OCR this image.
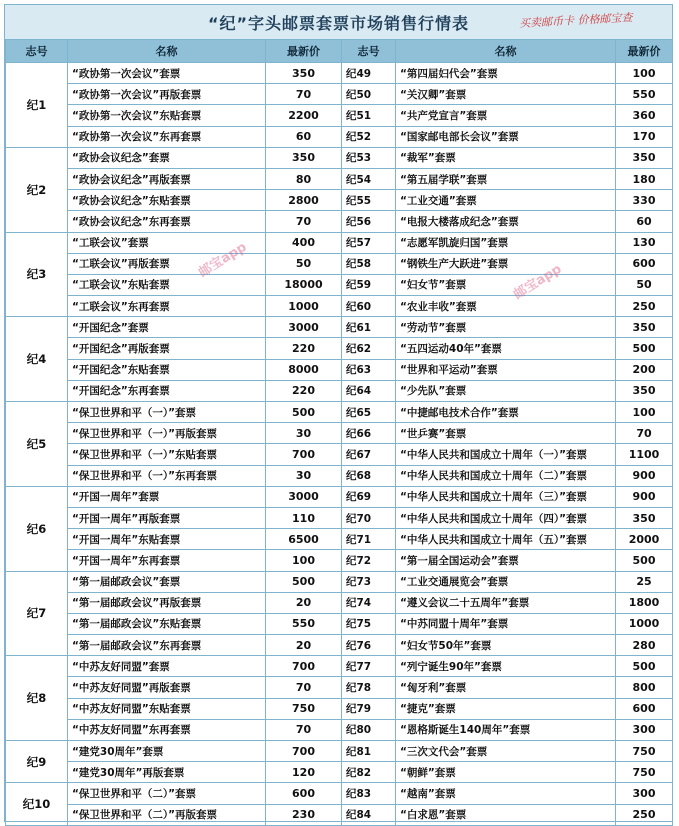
“纪”字头邮票套票市场销售行情表	买卖邮币卡 价格邮宝查
志号	名称	最新价	志号	名称	最新价
纪1	“政协第一次会议”套票	350	纪49	“第四届妇代会”套票	100
	“政协第一次会议”再版套票	70	纪50	“关汉卿”套票	550
	“政协第一次会议”东贴套票	2200	纪51	“共产党宣言”套票	360
	“政协第一次会议”东再套票	60	纪52	“国家邮电部长会议”套票	170
纪2	“政协会议纪念”套票	350	纪53	“裁军”套票	350
	“政协会议纪念”再版套票	80	纪54	“第五届学联”套票	180
	“政协会议纪念”东贴套票	2800	纪55	“工业交通”套票	330
	“政协会议纪念”东再套票	70	纪56	“电报大楼落成纪念”套票	60
纪3	“工联会议”套票	400	纪57	“志愿军凯旋归国”套票	130
	“工联会议”再版套票	50	纪58	“钢铁生产大跃进”套票	600
	“工联会议”东贴套票	18000	纪59	“妇女节”套票	50
	“工联会议”东再套票	1000	纪60	“农业丰收”套票	250
纪4	“开国纪念”套票	3000	纪61	“劳动节”套票	350
	“开国纪念”再版套票	220	纪62	“五四运动40年”套票	500
	“开国纪念”东贴套票	8000	纪63	“世界和平运动”套票	200
	“开国纪念”东再套票	220	纪64	“少先队”套票	350
纪5	“保卫世界和平（一）”套票	500	纪65	“中捷邮电技术合作”套票	100
	“保卫世界和平（一）”再版套票	30	纪66	“世乒赛”套票	70
	“保卫世界和平（一）”东贴套票	700	纪67	“中华人民共和国成立十周年（一）”套票	1100
	“保卫世界和平（一）”东再套票	30	纪68	“中华人民共和国成立十周年（二）”套票	900
纪6	“开国一周年”套票	3000	纪69	“中华人民共和国成立十周年（三）”套票	900
	“开国一周年”再版套票	110	纪70	“中华人民共和国成立十周年（四）”套票	350
	“开国一周年”东贴套票	6500	纪71	“中华人民共和国成立十周年（五）”套票	2000
	“开国一周年”东再套票	100	纪72	“第一届全国运动会”套票	500
纪7	“第一届邮政会议”套票	500	纪73	“工业交通展览会”套票	25
	“第一届邮政会议”再版套票	20	纪74	“遵义会议二十五周年”套票	1800
	“第一届邮政会议”东贴套票	550	纪75	“中苏同盟十周年”套票	1000
	“第一届邮政会议”东再套票	20	纪76	“妇女节50年”套票	280
纪8	“中苏友好同盟”套票	700	纪77	“列宁诞生90年”套票	500
	“中苏友好同盟”再版套票	70	纪78	“匈牙利”套票	800
	“中苏友好同盟”东贴套票	750	纪79	“捷克”套票	600
	“中苏友好同盟”东再套票	70	纪80	“恩格斯诞生140周年”套票	300
纪9	“建党30周年”套票	700	纪81	“三次文代会”套票	750
	“建党30周年”再版套票	120	纪82	“朝鲜”套票	750
纪10	“保卫世界和平（二）”套票	600	纪83	“越南”套票	300
	“保卫世界和平（二）”再版套票	230	纪84	“白求恩”套票	250
邮宝app
邮宝app
